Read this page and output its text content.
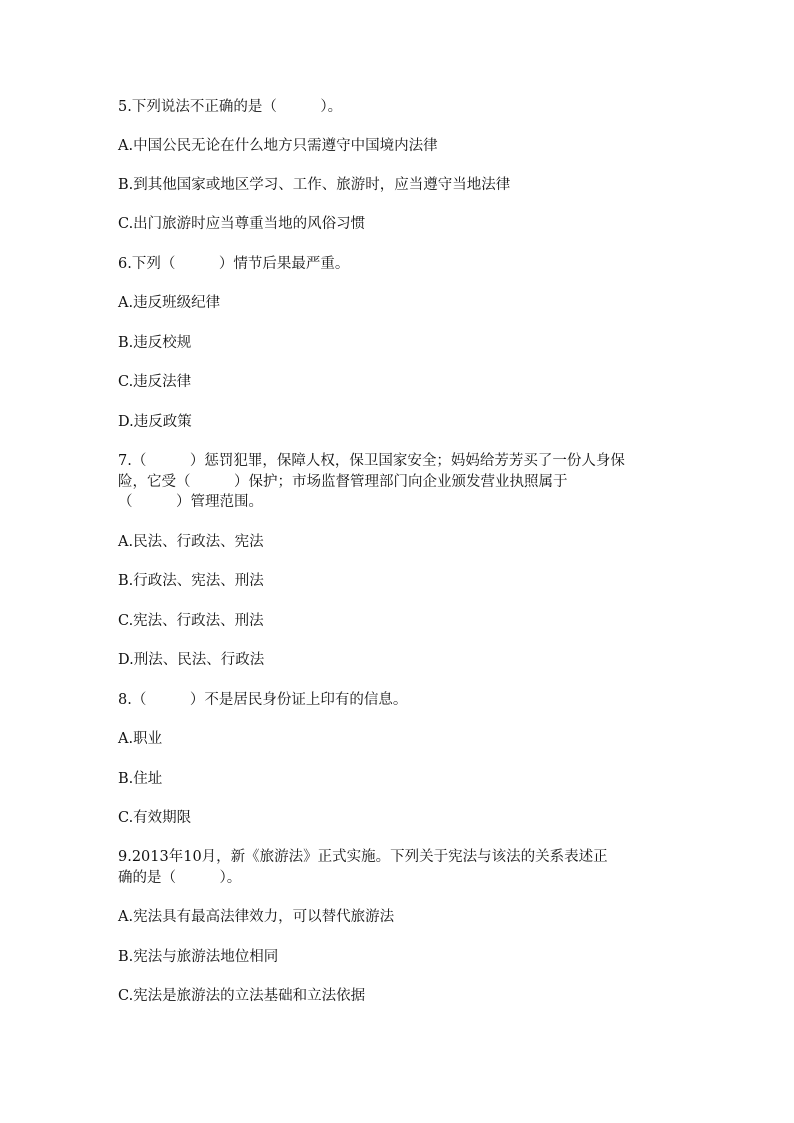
5.下列说法不正确的是（　　　）。
A.中国公民无论在什么地方只需遵守中国境内法律
B.到其他国家或地区学习、工作、旅游时，应当遵守当地法律
C.出门旅游时应当尊重当地的风俗习惯
6.下列（　　　）情节后果最严重。
A.违反班级纪律
B.违反校规
C.违反法律
D.违反政策
7.（　　　）惩罚犯罪，保障人权，保卫国家安全；妈妈给芳芳买了一份人身保
险，它受（　　　）保护；市场监督管理部门向企业颁发营业执照属于
（　　　）管理范围。
A.民法、行政法、宪法
B.行政法、宪法、刑法
C.宪法、行政法、刑法
D.刑法、民法、行政法
8.（　　　）不是居民身份证上印有的信息。
A.职业
B.住址
C.有效期限
9.2013年10月，新《旅游法》正式实施。下列关于宪法与该法的关系表述正
确的是（　　　）。
A.宪法具有最高法律效力，可以替代旅游法
B.宪法与旅游法地位相同
C.宪法是旅游法的立法基础和立法依据
